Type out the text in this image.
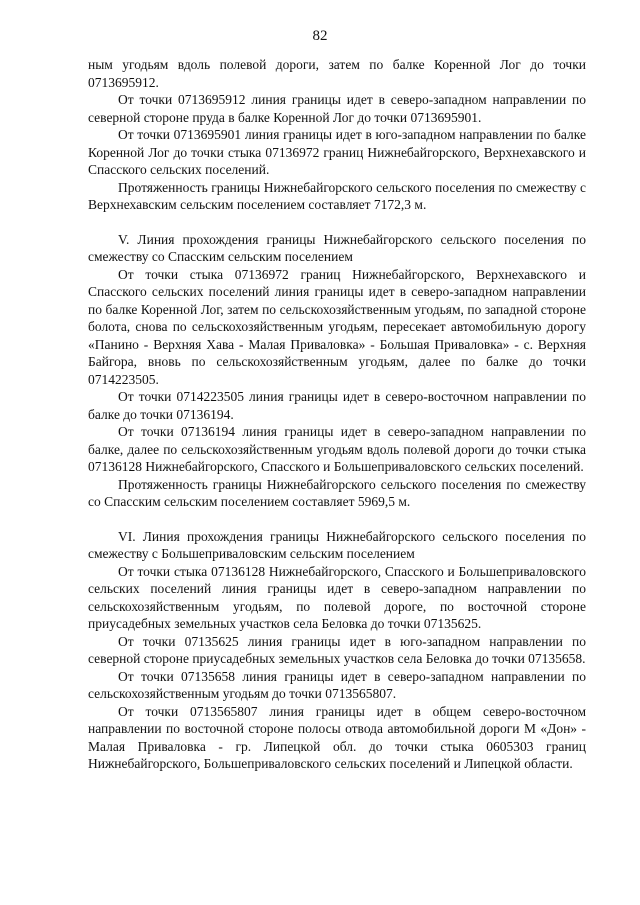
82

ным угодьям вдоль полевой дороги, затем по балке Коренной Лог до точки 0713695912.

От точки 0713695912 линия границы идет в северо-западном направлении по северной стороне пруда в балке Коренной Лог до точки 0713695901.

От точки 0713695901 линия границы идет в юго-западном направлении по балке Коренной Лог до точки стыка 07136972 границ Нижнебайгорского, Верхнехавского и Спасского сельских поселений.

Протяженность границы Нижнебайгорского сельского поселения по смежеству с Верхнехавским сельским поселением составляет 7172,3 м.

V. Линия прохождения границы Нижнебайгорского сельского поселения по смежеству со Спасским сельским поселением

От точки стыка 07136972 границ Нижнебайгорского, Верхнехавского и Спасского сельских поселений линия границы идет в северо-западном направлении по балке Коренной Лог, затем по сельскохозяйственным угодьям, по западной стороне болота, снова по сельскохозяйственным угодьям, пересекает автомобильную дорогу «Панино - Верхняя Хава - Малая Приваловка» - Большая Приваловка» - с. Верхняя Байгора, вновь по сельскохозяйственным угодьям, далее по балке до точки 0714223505.

От точки 0714223505 линия границы идет в северо-восточном направлении по балке до точки 07136194.

От точки 07136194 линия границы идет в северо-западном направлении по балке, далее по сельскохозяйственным угодьям вдоль полевой дороги до точки стыка 07136128 Нижнебайгорского, Спасского и Большеприваловского сельских поселений.

Протяженность границы Нижнебайгорского сельского поселения по смежеству со Спасским сельским поселением составляет 5969,5 м.

VI. Линия прохождения границы Нижнебайгорского сельского поселения по смежеству с Большеприваловским сельским поселением

От точки стыка 07136128 Нижнебайгорского, Спасского и Большеприваловского сельских поселений линия границы идет в северо-западном направлении по сельскохозяйственным угодьям, по полевой дороге, по восточной стороне приусадебных земельных участков села Беловка до точки 07135625.

От точки 07135625 линия границы идет в юго-западном направлении по северной стороне приусадебных земельных участков села Беловка до точки 07135658.

От точки 07135658 линия границы идет в северо-западном направлении по сельскохозяйственным угодьям до точки 0713565807.

От точки 0713565807 линия границы идет в общем северо-восточном направлении по восточной стороне полосы отвода автомобильной дороги М «Дон» - Малая Приваловка - гр. Липецкой обл. до точки стыка 0605303 границ Нижнебайгорского, Большеприваловского сельских поселений и Липецкой области.
